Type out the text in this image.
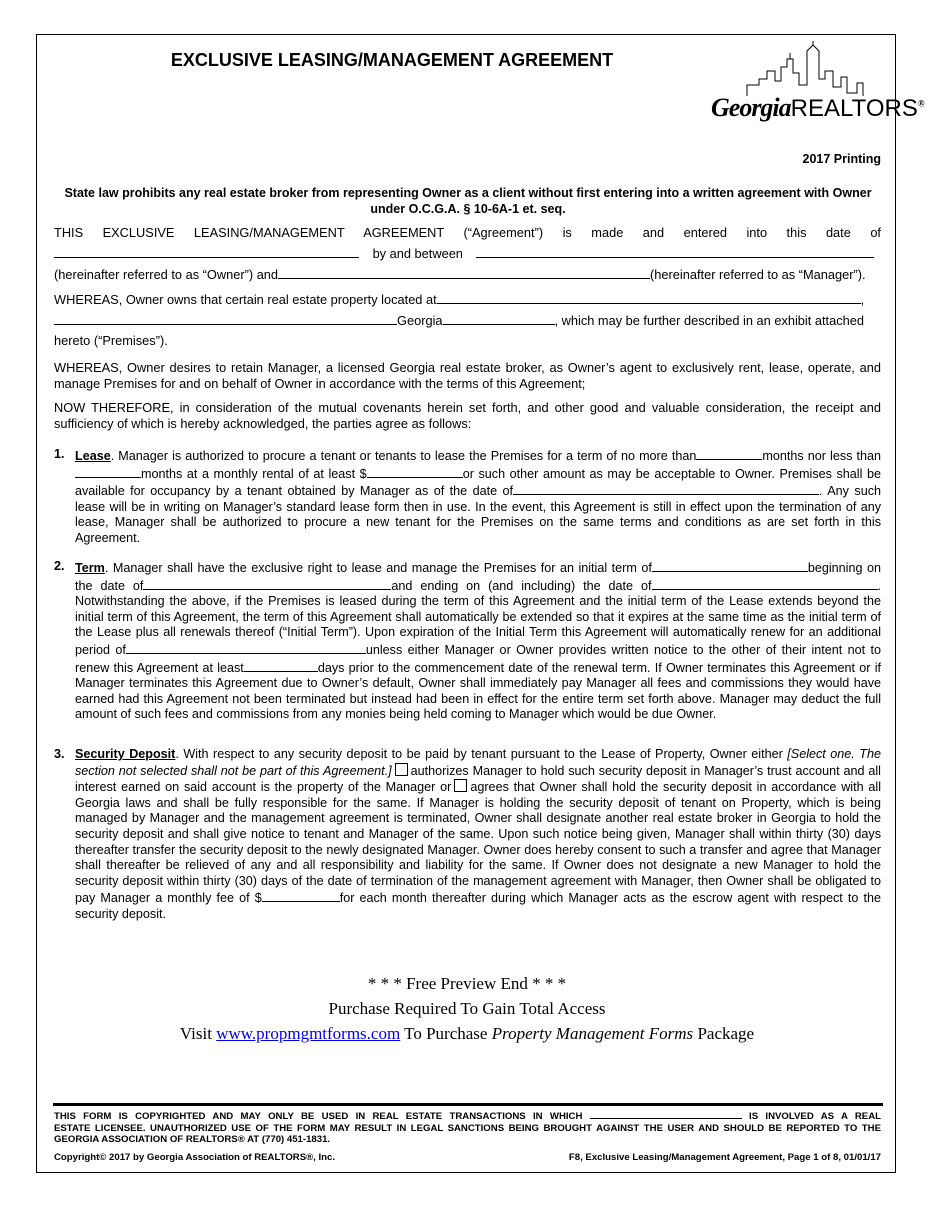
EXCLUSIVE LEASING/MANAGEMENT AGREEMENT
GeorgiaREALTORS®
2017 Printing
State law prohibits any real estate broker from representing Owner as a client without first entering into a written agreement with Owner under O.C.G.A. § 10-6A-1 et. seq.
THIS EXCLUSIVE LEASING/MANAGEMENT AGREEMENT (“Agreement”) is made and entered into this date of
by and between
(hereinafter referred to as “Owner”) and	(hereinafter referred to as “Manager”).
WHEREAS, Owner owns that certain real estate property located at	,
Georgia	, which may be further described in an exhibit attached
hereto (“Premises”).
WHEREAS, Owner desires to retain Manager, a licensed Georgia real estate broker, as Owner’s agent to exclusively rent, lease, operate, and manage Premises for and on behalf of Owner in accordance with the terms of this Agreement;
NOW THEREFORE, in consideration of the mutual covenants herein set forth, and other good and valuable consideration, the receipt and sufficiency of which is hereby acknowledged, the parties agree as follows:
1. Lease. Manager is authorized to procure a tenant or tenants to lease the Premises for a term of no more than	months nor less thanmonths at a monthly rental of at least $	or such other amount as may be acceptable to Owner. Premises shall be available for occupancy by a tenant obtained by Manager as of the date of	. Any such lease will be in writing on Manager’s standard lease form then in use. In the event, this Agreement is still in effect upon the termination of any lease, Manager shall be authorized to procure a new tenant for the Premises on the same terms and conditions as are set forth in this Agreement.
2. Term. Manager shall have the exclusive right to lease and manage the Premises for an initial term of	beginning on the date of	and ending on (and including) the date of	. Notwithstanding the above, if the Premises is leased during the term of this Agreement and the initial term of the Lease extends beyond the initial term of this Agreement, the term of this Agreement shall automatically be extended so that it expires at the same time as the initial term of the Lease plus all renewals thereof (“Initial Term”). Upon expiration of the Initial Term this Agreement will automatically renew for an additional period of	unless either Manager or Owner provides written notice to the other of their intent not to renew this Agreement at least	days prior to the commencement date of the renewal term. If Owner terminates this Agreement or if Manager terminates this Agreement due to Owner’s default, Owner shall immediately pay Manager all fees and commissions they would have earned had this Agreement not been terminated but instead had been in effect for the entire term set forth above. Manager may deduct the full amount of such fees and commissions from any monies being held coming to Manager which would be due Owner.
3. Security Deposit. With respect to any security deposit to be paid by tenant pursuant to the Lease of Property, Owner either [Select one. The section not selected shall not be part of this Agreement.] authorizes Manager to hold such security deposit in Manager’s trust account and all interest earned on said account is the property of the Manager or agrees that Owner shall hold the security deposit in accordance with all Georgia laws and shall be fully responsible for the same. If Manager is holding the security deposit of tenant on Property, which is being managed by Manager and the management agreement is terminated, Owner shall designate another real estate broker in Georgia to hold the security deposit and shall give notice to tenant and Manager of the same. Upon such notice being given, Manager shall within thirty (30) days thereafter transfer the security deposit to the newly designated Manager. Owner does hereby consent to such a transfer and agree that Manager shall thereafter be relieved of any and all responsibility and liability for the same. If Owner does not designate a new Manager to hold the security deposit within thirty (30) days of the date of termination of the management agreement with Manager, then Owner shall be obligated to pay Manager a monthly fee of $	for each month thereafter during which Manager acts as the escrow agent with respect to the security deposit.
* * * Free Preview End * * *
Purchase Required To Gain Total Access
Visit www.propmgmtforms.com To Purchase Property Management Forms Package
THIS FORM IS COPYRIGHTED AND MAY ONLY BE USED IN REAL ESTATE TRANSACTIONS IN WHICH	IS INVOLVED AS A REAL
ESTATE LICENSEE. UNAUTHORIZED USE OF THE FORM MAY RESULT IN LEGAL SANCTIONS BEING BROUGHT AGAINST THE USER AND SHOULD BE REPORTED TO THE GEORGIA ASSOCIATION OF REALTORS® AT (770) 451-1831.
Copyright© 2017 by Georgia Association of REALTORS®, Inc.	F8, Exclusive Leasing/Management Agreement, Page 1 of 8, 01/01/17
